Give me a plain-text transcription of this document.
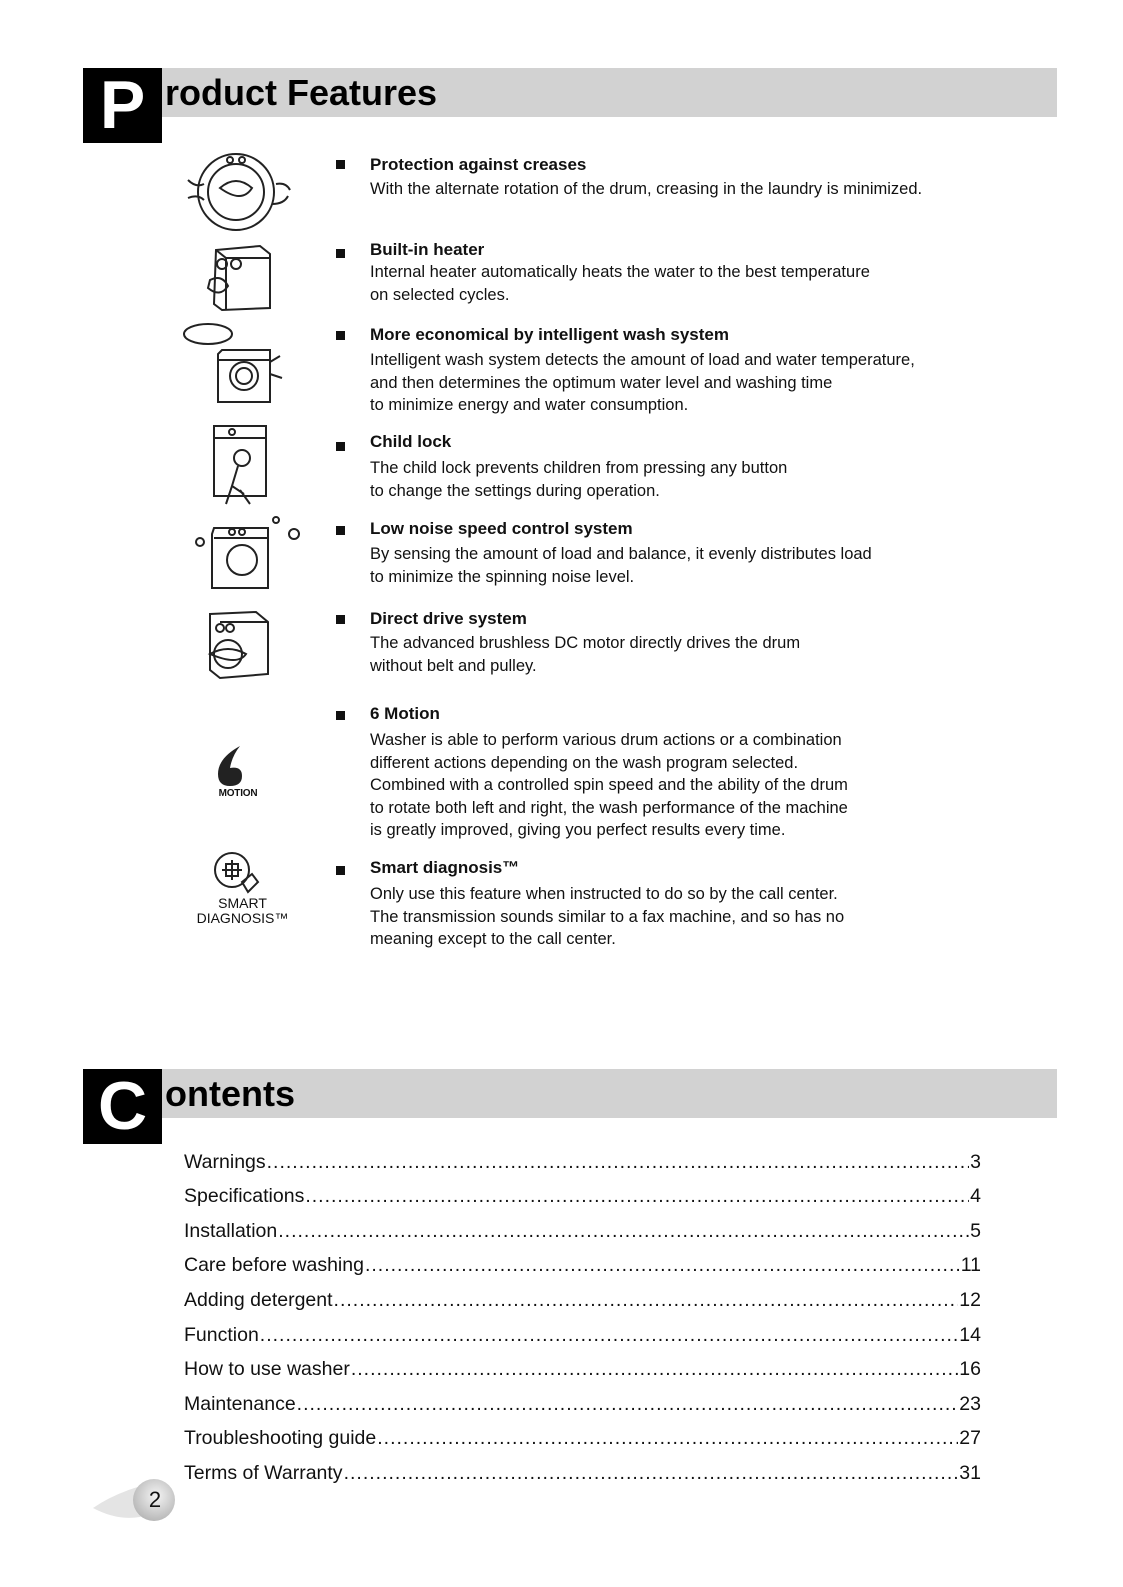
P roduct Features
Protection against creases
With the alternate rotation of the drum, creasing in the laundry is minimized.
Built-in heater
Internal heater automatically heats the water to the best temperature
on selected cycles.
More economical by intelligent wash system
Intelligent wash system detects the amount of load and water temperature,
and then determines the optimum water level and washing time
to minimize energy and water consumption.
Child lock
The child lock prevents children from pressing any button
to change the settings during operation.
Low noise speed control system
By sensing the amount of load and balance, it evenly distributes load
to minimize the spinning noise level.
Direct drive system
The advanced brushless DC motor directly drives the drum
without belt and pulley.
MOTION
6 Motion
Washer is able to perform various drum actions or a combination
different actions depending on the wash program selected.
Combined with a controlled spin speed and the ability of the drum
to rotate both left and right, the wash performance of the machine
is greatly improved, giving you perfect results every time.
SMART
DIAGNOSIS™
Smart diagnosis™
Only use this feature when instructed to do so by the call center.
The transmission sounds similar to a fax machine, and so has no
meaning except to the call center.
C ontents
Warnings .....	3
Specifications .....	4
Installation .....	5
Care before washing .....	11
Adding detergent .....	12
Function .....	14
How to use washer .....	16
Maintenance .....	23
Troubleshooting guide .....	27
Terms of Warranty .....	31
2
